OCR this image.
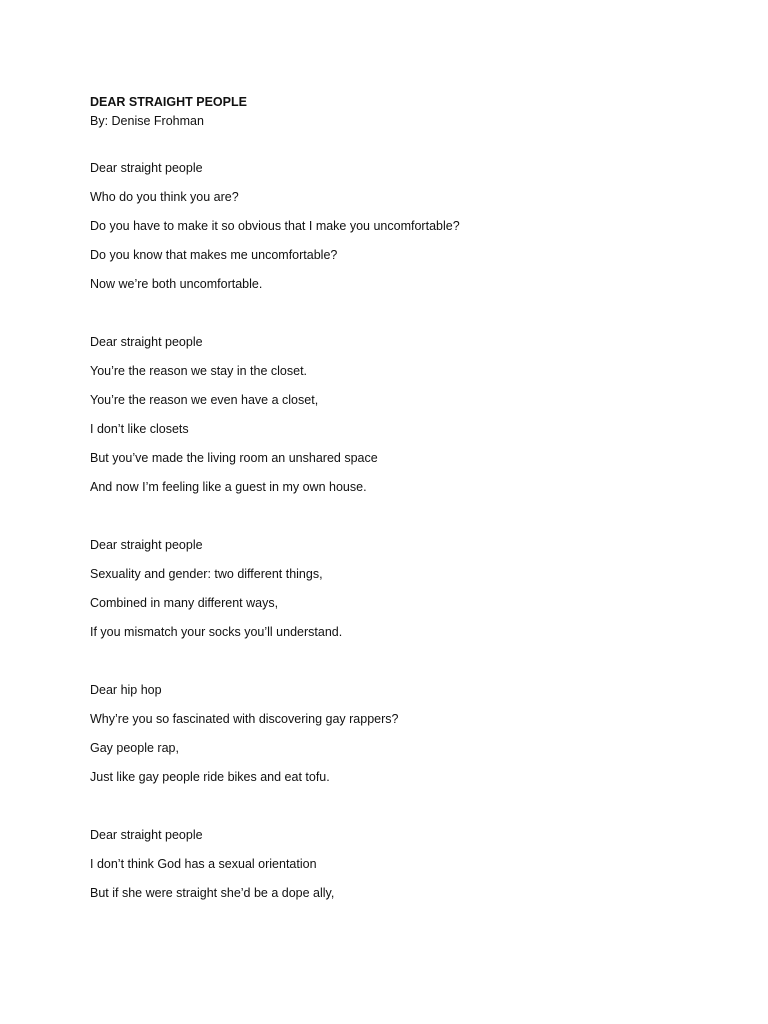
DEAR STRAIGHT PEOPLE
By: Denise Frohman
Dear straight people
Who do you think you are?
Do you have to make it so obvious that I make you uncomfortable?
Do you know that makes me uncomfortable?
Now we’re both uncomfortable.
Dear straight people
You’re the reason we stay in the closet.
You’re the reason we even have a closet,
I don’t like closets
But you’ve made the living room an unshared space
And now I’m feeling like a guest in my own house.
Dear straight people
Sexuality and gender: two different things,
Combined in many different ways,
If you mismatch your socks you’ll understand.
Dear hip hop
Why’re you so fascinated with discovering gay rappers?
Gay people rap,
Just like gay people ride bikes and eat tofu.
Dear straight people
I don’t think God has a sexual orientation
But if she were straight she’d be a dope ally,
